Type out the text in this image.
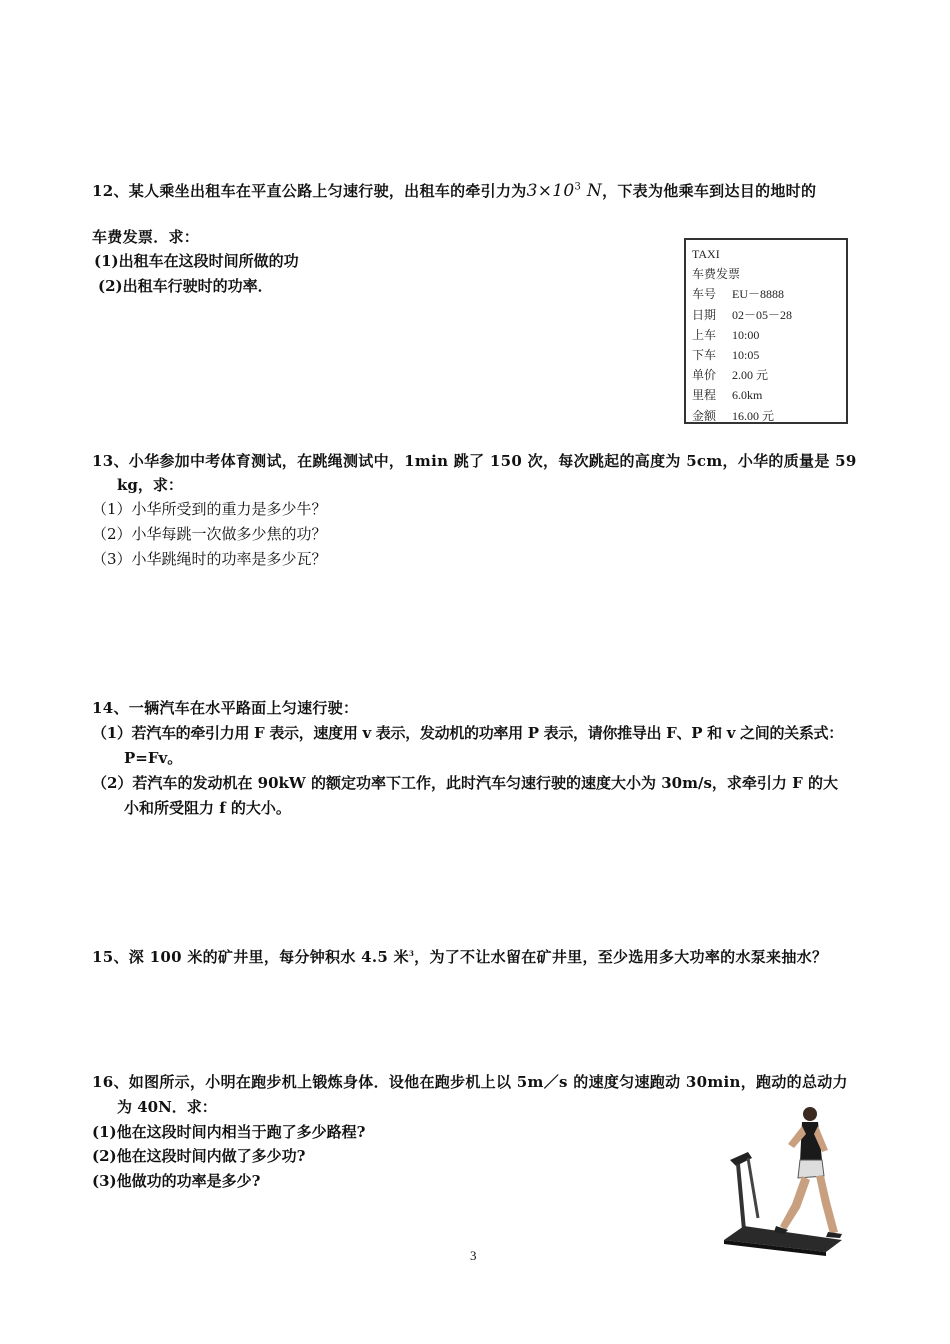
12、某人乘坐出租车在平直公路上匀速行驶，出租车的牵引力为$3\times 10^3$ N，下表为他乘车到达目的地时的
车费发票．求：
(1)出租车在这段时间所做的功
(2)出租车行驶时的功率．
TAXI
车费发票
车号	EU－8888
日期	02－05－28
上车	10:00
下车	10:05
单价	2.00 元
里程	6.0km
金额	16.00 元
13、小华参加中考体育测试，在跳绳测试中，1min 跳了 150 次，每次跳起的高度为 5cm，小华的质量是 59
kg，求：
（1）小华所受到的重力是多少牛？
（2）小华每跳一次做多少焦的功？
（3）小华跳绳时的功率是多少瓦？
14、一辆汽车在水平路面上匀速行驶：
（1）若汽车的牵引力用 F 表示，速度用 v 表示，发动机的功率用 P 表示，请你推导出 F、P 和 v 之间的关系式：
P=Fv。
（2）若汽车的发动机在 90kW 的额定功率下工作，此时汽车匀速行驶的速度大小为 30m/s，求牵引力 F 的大
小和所受阻力 f 的大小。
15、深 100 米的矿井里，每分钟积水 4.5 米$^3$，为了不让水留在矿井里，至少选用多大功率的水泵来抽水？
16、如图所示，小明在跑步机上锻炼身体．设他在跑步机上以 5m／s 的速度匀速跑动 30min，跑动的总动力
为 40N．求：
(1)他在这段时间内相当于跑了多少路程?
(2)他在这段时间内做了多少功?
(3)他做功的功率是多少?
3
